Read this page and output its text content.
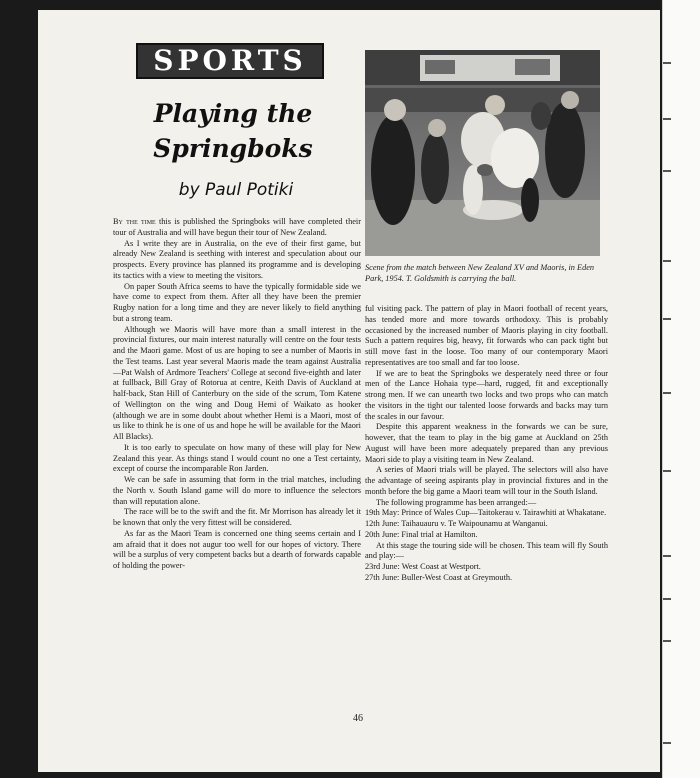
SPORTS
Playing the
Springboks
by Paul Potiki
Scene from the match between New Zealand XV and Maoris, in Eden Park, 1954. T. Goldsmith is carrying the ball.

By the time this is published the Springboks will have completed their tour of Australia and will have begun their tour of New Zealand.

As I write they are in Australia, on the eve of their first game, but already New Zealand is seething with interest and speculation about our prospects. Every province has planned its programme and is developing its tactics with a view to meeting the visitors.

On paper South Africa seems to have the typically formidable side we have come to expect from them. After all they have been the premier Rugby nation for a long time and they are never likely to field anything but a strong team.

Although we Maoris will have more than a small interest in the provincial fixtures, our main interest naturally will centre on the four tests and the Maori game. Most of us are hoping to see a number of Maoris in the Test teams. Last year several Maoris made the team against Australia—Pat Walsh of Ardmore Teachers' College at second five-eighth and later at fullback, Bill Gray of Rotorua at centre, Keith Davis of Auckland at half-back, Stan Hill of Canterbury on the side of the scrum, Tom Katene of Wellington on the wing and Doug Hemi of Waikato as hooker (although we are in some doubt about whether Hemi is a Maori, most of us like to think he is one of us and hope he will be available for the Maori All Blacks).

It is too early to speculate on how many of these will play for New Zealand this year. As things stand I would count no one a Test certainty, except of course the incomparable Ron Jarden.

We can be safe in assuming that form in the trial matches, including the North v. South Island game will do more to influence the selectors than will reputation alone.

The race will be to the swift and the fit. Mr Morrison has already let it be known that only the very fittest will be considered.

As far as the Maori Team is concerned one thing seems certain and I am afraid that it does not augur too well for our hopes of victory. There will be a surplus of very competent backs but a dearth of forwards capable of holding the power-

ful visiting pack. The pattern of play in Maori football of recent years, has tended more and more towards orthodoxy. This is probably occasioned by the increased number of Maoris playing in city football. Such a pattern requires big, heavy, fit forwards who can pack tight but still move fast in the loose. Too many of our contemporary Maori representatives are too small and far too loose.

If we are to beat the Springboks we desperately need three or four men of the Lance Hohaia type—hard, rugged, fit and exceptionally strong men. If we can unearth two locks and two props who can match the visitors in the tight our talented loose forwards and backs may turn the scales in our favour.

Despite this apparent weakness in the forwards we can be sure, however, that the team to play in the big game at Auckland on 25th August will have been more adequately prepared than any previous Maori side to play a visiting team in New Zealand.

A series of Maori trials will be played. The selectors will also have the advantage of seeing aspirants play in provincial fixtures and in the month before the big game a Maori team will tour in the South Island.

The following programme has been arranged:—

19th May: Prince of Wales Cup—Taitokerau v. Tairawhiti at Whakatane.

12th June: Taihauauru v. Te Waipounamu at Wanganui.

20th June: Final trial at Hamilton.

At this stage the touring side will be chosen. This team will fly South and play:—

23rd June: West Coast at Westport.

27th June: Buller-West Coast at Greymouth.

46
